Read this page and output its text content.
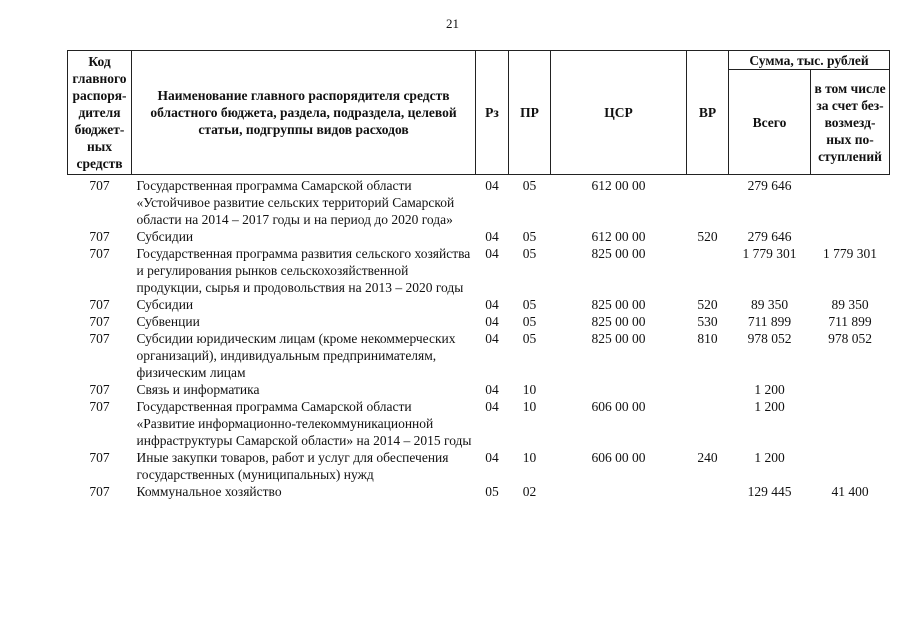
21
Код главного распоря-дителя бюджет-ных средств	Наименование главного распорядителя средств областного бюджета, раздела, подраздела, целевой статьи, подгруппы видов расходов	Рз	ПР	ЦСР	ВР	Сумма, тыс. рублей	
						Всего	в том числе за счет без-возмезд-ных по-ступлений
707	Государственная программа Самарской области «Устойчивое развитие сельских территорий Самарской области на 2014 – 2017 годы и на период до 2020 года»	04	05	612 00 00		279 646	
707	Субсидии	04	05	612 00 00	520	279 646	
707	Государственная программа развития сельского хозяйства и регулирования рынков сельскохозяйственной продукции, сырья и продовольствия на 2013 – 2020 годы	04	05	825 00 00		1 779 301	1 779 301
707	Субсидии	04	05	825 00 00	520	89 350	89 350
707	Субвенции	04	05	825 00 00	530	711 899	711 899
707	Субсидии юридическим лицам (кроме некоммерческих организаций), индивидуальным предпринимателям, физическим лицам	04	05	825 00 00	810	978 052	978 052
707	Связь и информатика	04	10			1 200	
707	Государственная программа Самарской области «Развитие информационно-телекоммуникационной инфраструктуры Самарской области» на 2014 – 2015 годы	04	10	606 00 00		1 200	
707	Иные закупки товаров, работ и услуг для обеспечения государственных (муниципальных) нужд	04	10	606 00 00	240	1 200	
707	Коммунальное хозяйство	05	02			129 445	41 400
